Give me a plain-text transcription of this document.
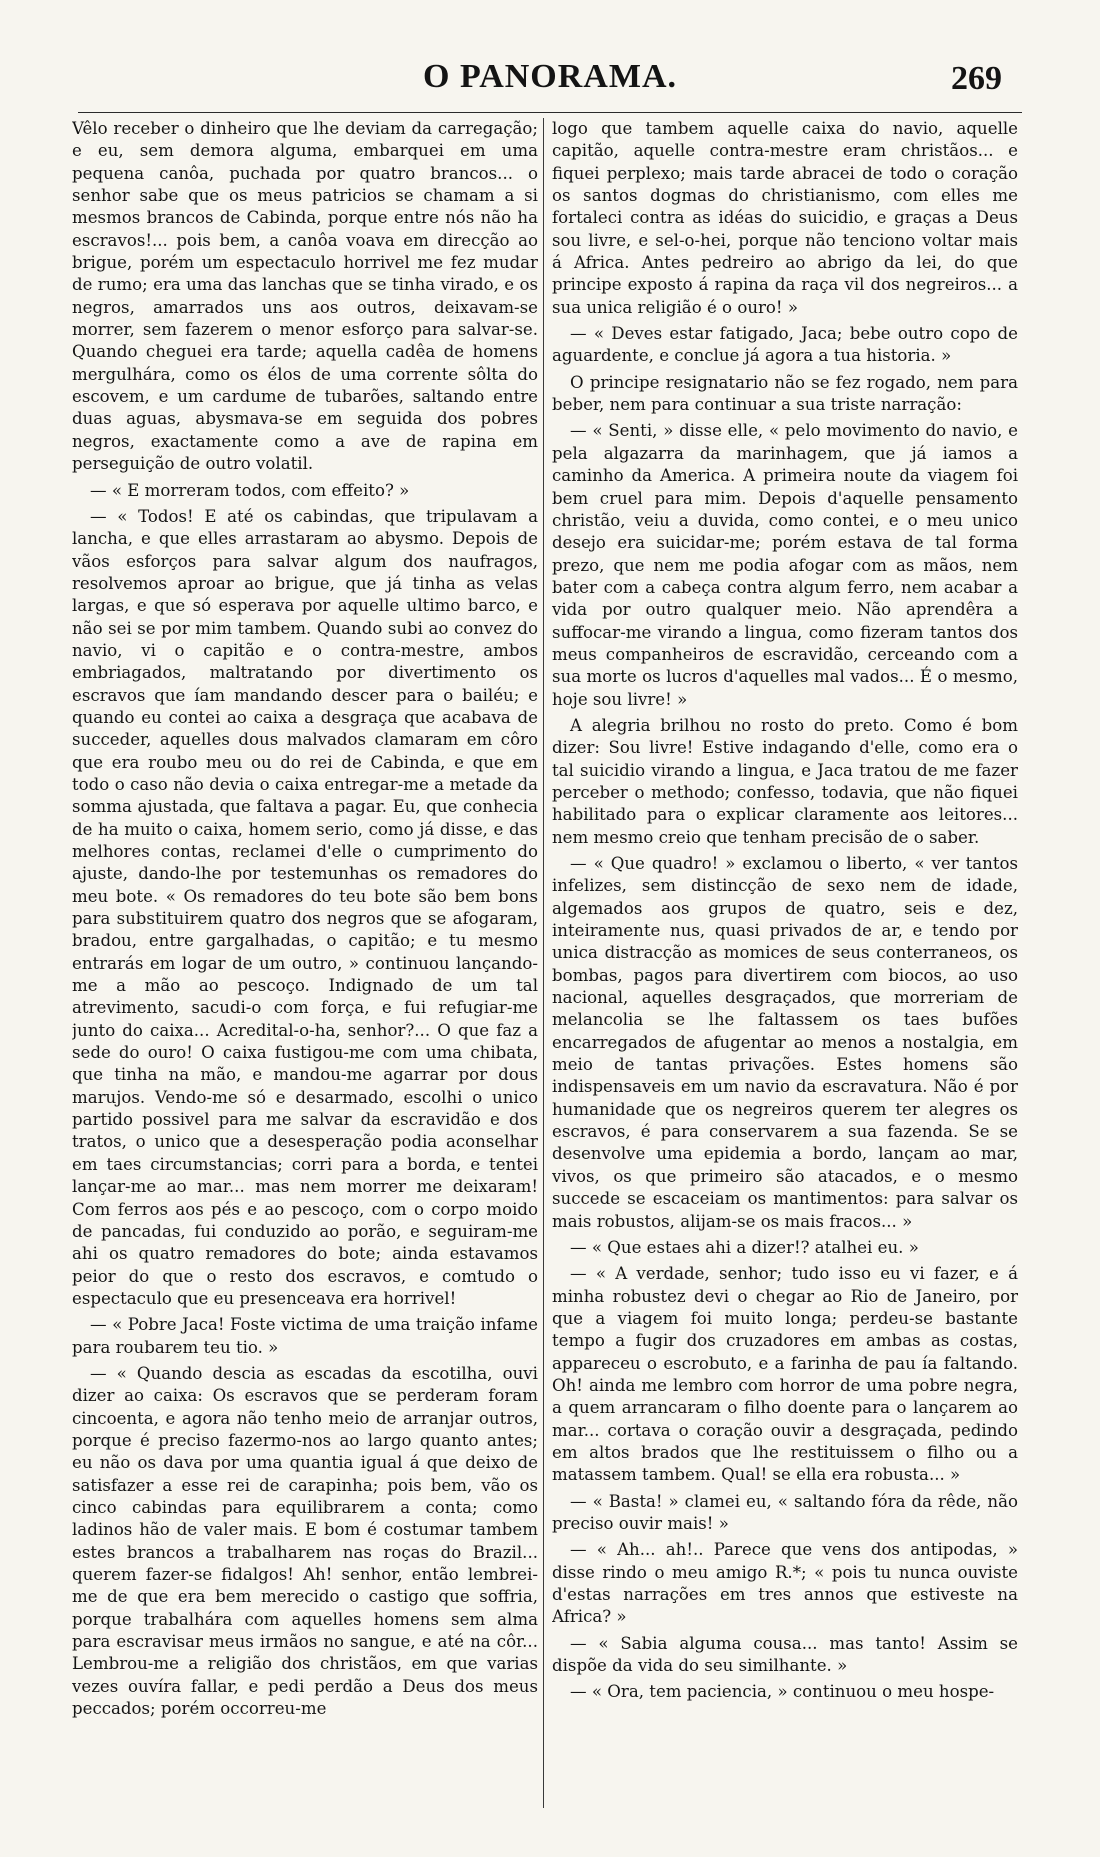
O PANORAMA.	269

Vêlo receber o dinheiro que lhe deviam da carregação; e eu, sem demora alguma, embarquei em uma pequena canôa, puchada por quatro brancos... o senhor sabe que os meus patricios se chamam a si mesmos brancos de Cabinda, porque entre nós não ha escravos!... pois bem, a canôa voava em direcção ao brigue, porém um espectaculo horrivel me fez mudar de rumo; era uma das lanchas que se tinha virado, e os negros, amarrados uns aos outros, deixavam-se morrer, sem fazerem o menor esforço para salvar-se. Quando cheguei era tarde; aquella cadêa de homens mergulhára, como os élos de uma corrente sôlta do escovem, e um cardume de tubarões, saltando entre duas aguas, abysmava-se em seguida dos pobres negros, exactamente como a ave de rapina em perseguição de outro volatil.

— « E morreram todos, com effeito? »

— « Todos! E até os cabindas, que tripulavam a lancha, e que elles arrastaram ao abysmo. Depois de vãos esforços para salvar algum dos naufragos, resolvemos aproar ao brigue, que já tinha as velas largas, e que só esperava por aquelle ultimo barco, e não sei se por mim tambem. Quando subi ao convez do navio, vi o capitão e o contra-mestre, ambos embriagados, maltratando por divertimento os escravos que íam mandando descer para o bailéu; e quando eu contei ao caixa a desgraça que acabava de succeder, aquelles dous malvados clamaram em côro que era roubo meu ou do rei de Cabinda, e que em todo o caso não devia o caixa entregar-me a metade da somma ajustada, que faltava a pagar. Eu, que conhecia de ha muito o caixa, homem serio, como já disse, e das melhores contas, reclamei d'elle o cumprimento do ajuste, dando-lhe por testemunhas os remadores do meu bote. « Os remadores do teu bote são bem bons para substituirem quatro dos negros que se afogaram, bradou, entre gargalhadas, o capitão; e tu mesmo entrarás em logar de um outro, » continuou lançando-me a mão ao pescoço. Indignado de um tal atrevimento, sacudi-o com força, e fui refugiar-me junto do caixa... Acredital-o-ha, senhor?... O que faz a sede do ouro! O caixa fustigou-me com uma chibata, que tinha na mão, e mandou-me agarrar por dous marujos. Vendo-me só e desarmado, escolhi o unico partido possivel para me salvar da escravidão e dos tratos, o unico que a desesperação podia aconselhar em taes circumstancias; corri para a borda, e tentei lançar-me ao mar... mas nem morrer me deixaram! Com ferros aos pés e ao pescoço, com o corpo moido de pancadas, fui conduzido ao porão, e seguiram-me ahi os quatro remadores do bote; ainda estavamos peior do que o resto dos escravos, e comtudo o espectaculo que eu presenceava era horrivel!

— « Pobre Jaca! Foste victima de uma traição infame para roubarem teu tio. »

— « Quando descia as escadas da escotilha, ouvi dizer ao caixa: Os escravos que se perderam foram cincoenta, e agora não tenho meio de arranjar outros, porque é preciso fazermo-nos ao largo quanto antes; eu não os dava por uma quantia igual á que deixo de satisfazer a esse rei de carapinha; pois bem, vão os cinco cabindas para equilibrarem a conta; como ladinos hão de valer mais. E bom é costumar tambem estes brancos a trabalharem nas roças do Brazil... querem fazer-se fidalgos! Ah! senhor, então lembrei-me de que era bem merecido o castigo que soffria, porque trabalhára com aquelles homens sem alma para escravisar meus irmãos no sangue, e até na côr... Lembrou-me a religião dos christãos, em que varias vezes ouvíra fallar, e pedi perdão a Deus dos meus peccados; porém occorreu-me

logo que tambem aquelle caixa do navio, aquelle capitão, aquelle contra-mestre eram christãos... e fiquei perplexo; mais tarde abracei de todo o coração os santos dogmas do christianismo, com elles me fortaleci contra as idéas do suicidio, e graças a Deus sou livre, e sel-o-hei, porque não tenciono voltar mais á Africa. Antes pedreiro ao abrigo da lei, do que principe exposto á rapina da raça vil dos negreiros... a sua unica religião é o ouro! »

— « Deves estar fatigado, Jaca; bebe outro copo de aguardente, e conclue já agora a tua historia. »

O principe resignatario não se fez rogado, nem para beber, nem para continuar a sua triste narração:

— « Senti, » disse elle, « pelo movimento do navio, e pela algazarra da marinhagem, que já iamos a caminho da America. A primeira noute da viagem foi bem cruel para mim. Depois d'aquelle pensamento christão, veiu a duvida, como contei, e o meu unico desejo era suicidar-me; porém estava de tal forma prezo, que nem me podia afogar com as mãos, nem bater com a cabeça contra algum ferro, nem acabar a vida por outro qualquer meio. Não aprendêra a suffocar-me virando a lingua, como fizeram tantos dos meus companheiros de escravidão, cerceando com a sua morte os lucros d'aquelles mal vados... É o mesmo, hoje sou livre! »

A alegria brilhou no rosto do preto. Como é bom dizer: Sou livre! Estive indagando d'elle, como era o tal suicidio virando a lingua, e Jaca tratou de me fazer perceber o methodo; confesso, todavia, que não fiquei habilitado para o explicar claramente aos leitores... nem mesmo creio que tenham precisão de o saber.

— « Que quadro! » exclamou o liberto, « ver tantos infelizes, sem distincção de sexo nem de idade, algemados aos grupos de quatro, seis e dez, inteiramente nus, quasi privados de ar, e tendo por unica distracção as momices de seus conterraneos, os bombas, pagos para divertirem com biocos, ao uso nacional, aquelles desgraçados, que morreriam de melancolia se lhe faltassem os taes bufões encarregados de afugentar ao menos a nostalgia, em meio de tantas privações. Estes homens são indispensaveis em um navio da escravatura. Não é por humanidade que os negreiros querem ter alegres os escravos, é para conservarem a sua fazenda. Se se desenvolve uma epidemia a bordo, lançam ao mar, vivos, os que primeiro são atacados, e o mesmo succede se escaceiam os mantimentos: para salvar os mais robustos, alijam-se os mais fracos... »

— « Que estaes ahi a dizer!? atalhei eu. »

— « A verdade, senhor; tudo isso eu vi fazer, e á minha robustez devi o chegar ao Rio de Janeiro, por que a viagem foi muito longa; perdeu-se bastante tempo a fugir dos cruzadores em ambas as costas, appareceu o escrobuto, e a farinha de pau ía faltando. Oh! ainda me lembro com horror de uma pobre negra, a quem arrancaram o filho doente para o lançarem ao mar... cortava o coração ouvir a desgraçada, pedindo em altos brados que lhe restituissem o filho ou a matassem tambem. Qual! se ella era robusta... »

— « Basta! » clamei eu, « saltando fóra da rêde, não preciso ouvir mais! »

— « Ah... ah!.. Parece que vens dos antipodas, » disse rindo o meu amigo R.*; « pois tu nunca ouviste d'estas narrações em tres annos que estiveste na Africa? »

— « Sabia alguma cousa... mas tanto! Assim se dispõe da vida do seu similhante. »

— « Ora, tem paciencia, » continuou o meu hospe-
